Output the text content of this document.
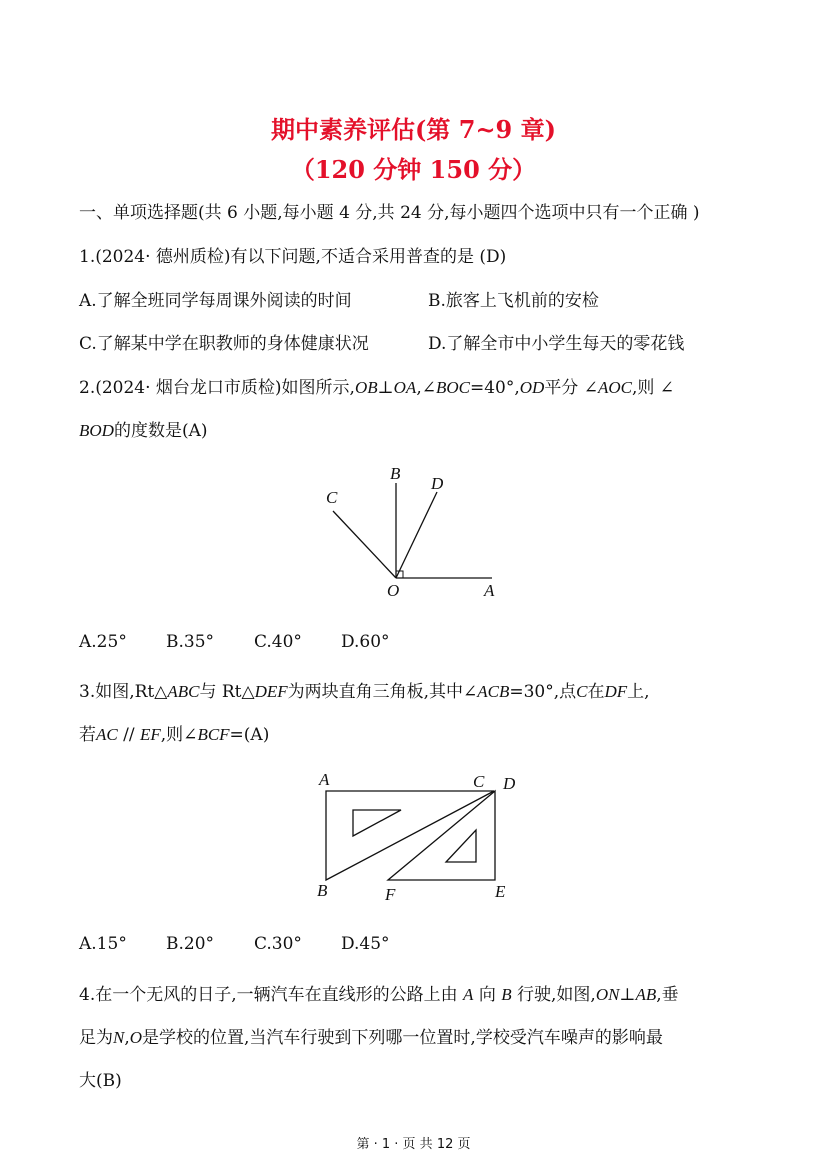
期中素养评估(第 7~9 章)
（120 分钟 150 分）
一、单项选择题(共 6 小题,每小题 4 分,共 24 分,每小题四个选项中只有一个正确 )
1.(2024· 德州质检)有以下问题,不适合采用普查的是 (D)
A.了解全班同学每周课外阅读的时间	B.旅客上飞机前的安检
C.了解某中学在职教师的身体健康状况	D.了解全市中小学生每天的零花钱
2.(2024· 烟台龙口市质检)如图所示,OB⊥OA,∠BOC=40°,OD平分 ∠AOC,则 ∠
BOD的度数是(A)
B
C
D
O	A
A.25° B.35° C.40° D.60°
3.如图,Rt△ABC与 Rt△DEF为两块直角三角板,其中∠ACB=30°,点C在DF上,
若AC // EF,则∠BCF=(A)
A	C D
B	F	E
A.15° B.20° C.30° D.45°
4.在一个无风的日子,一辆汽车在直线形的公路上由 A 向 B 行驶,如图,ON⊥AB,垂
足为N,O是学校的位置,当汽车行驶到下列哪一位置时,学校受汽车噪声的影响最
大(B)
第 · 1 · 页 共 12 页
